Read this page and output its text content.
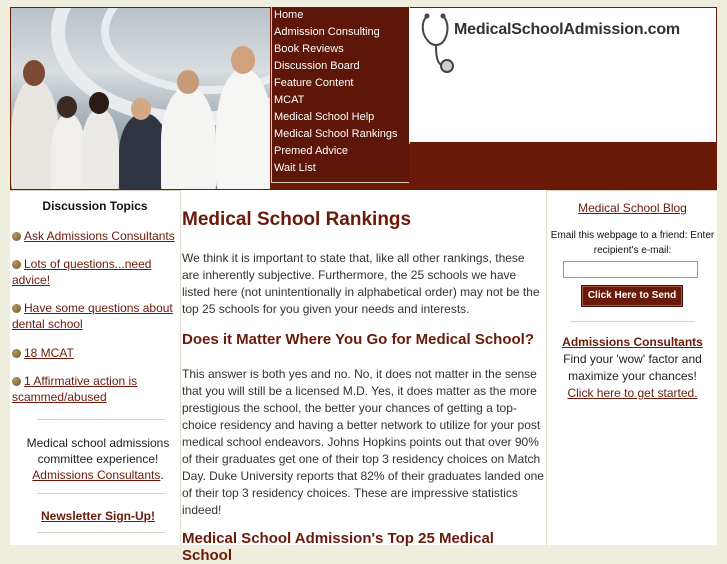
Home
Admission Consulting
Book Reviews
Discussion Board
Feature Content
MCAT
Medical School Help
Medical School Rankings
Premed Advice
Wait List
MedicalSchoolAdmission.com
Discussion Topics
Ask Admissions Consultants
Lots of questions...need advice!
Have some questions about dental school
18 MCAT
1 Affirmative action is scammed/abused
Medical school admissions committee experience!
Admissions Consultants.
Newsletter Sign-Up!
Medical School Rankings

We think it is important to state that, like all other rankings, these are inherently subjective. Furthermore, the 25 schools we have listed here (not unintentionally in alphabetical order) may not be the top 25 schools for you given your needs and interests.

Does it Matter Where You Go for Medical School?

This answer is both yes and no. No, it does not matter in the sense that you will still be a licensed M.D. Yes, it does matter as the more prestigious the school, the better your chances of getting a top-choice residency and having a better network to utilize for your post medical school endeavors. Johns Hopkins points out that over 90% of their graduates get one of their top 3 residency choices on Match Day. Duke University reports that 82% of their graduates landed one of their top 3 residency choices. These are impressive statistics indeed!

Medical School Admission's Top 25 Medical School
Medical School Blog
Email this webpage to a friend: Enter recipient's e-mail:
Click Here to Send
Admissions Consultants
Find your 'wow' factor and maximize your chances!
Click here to get started.
